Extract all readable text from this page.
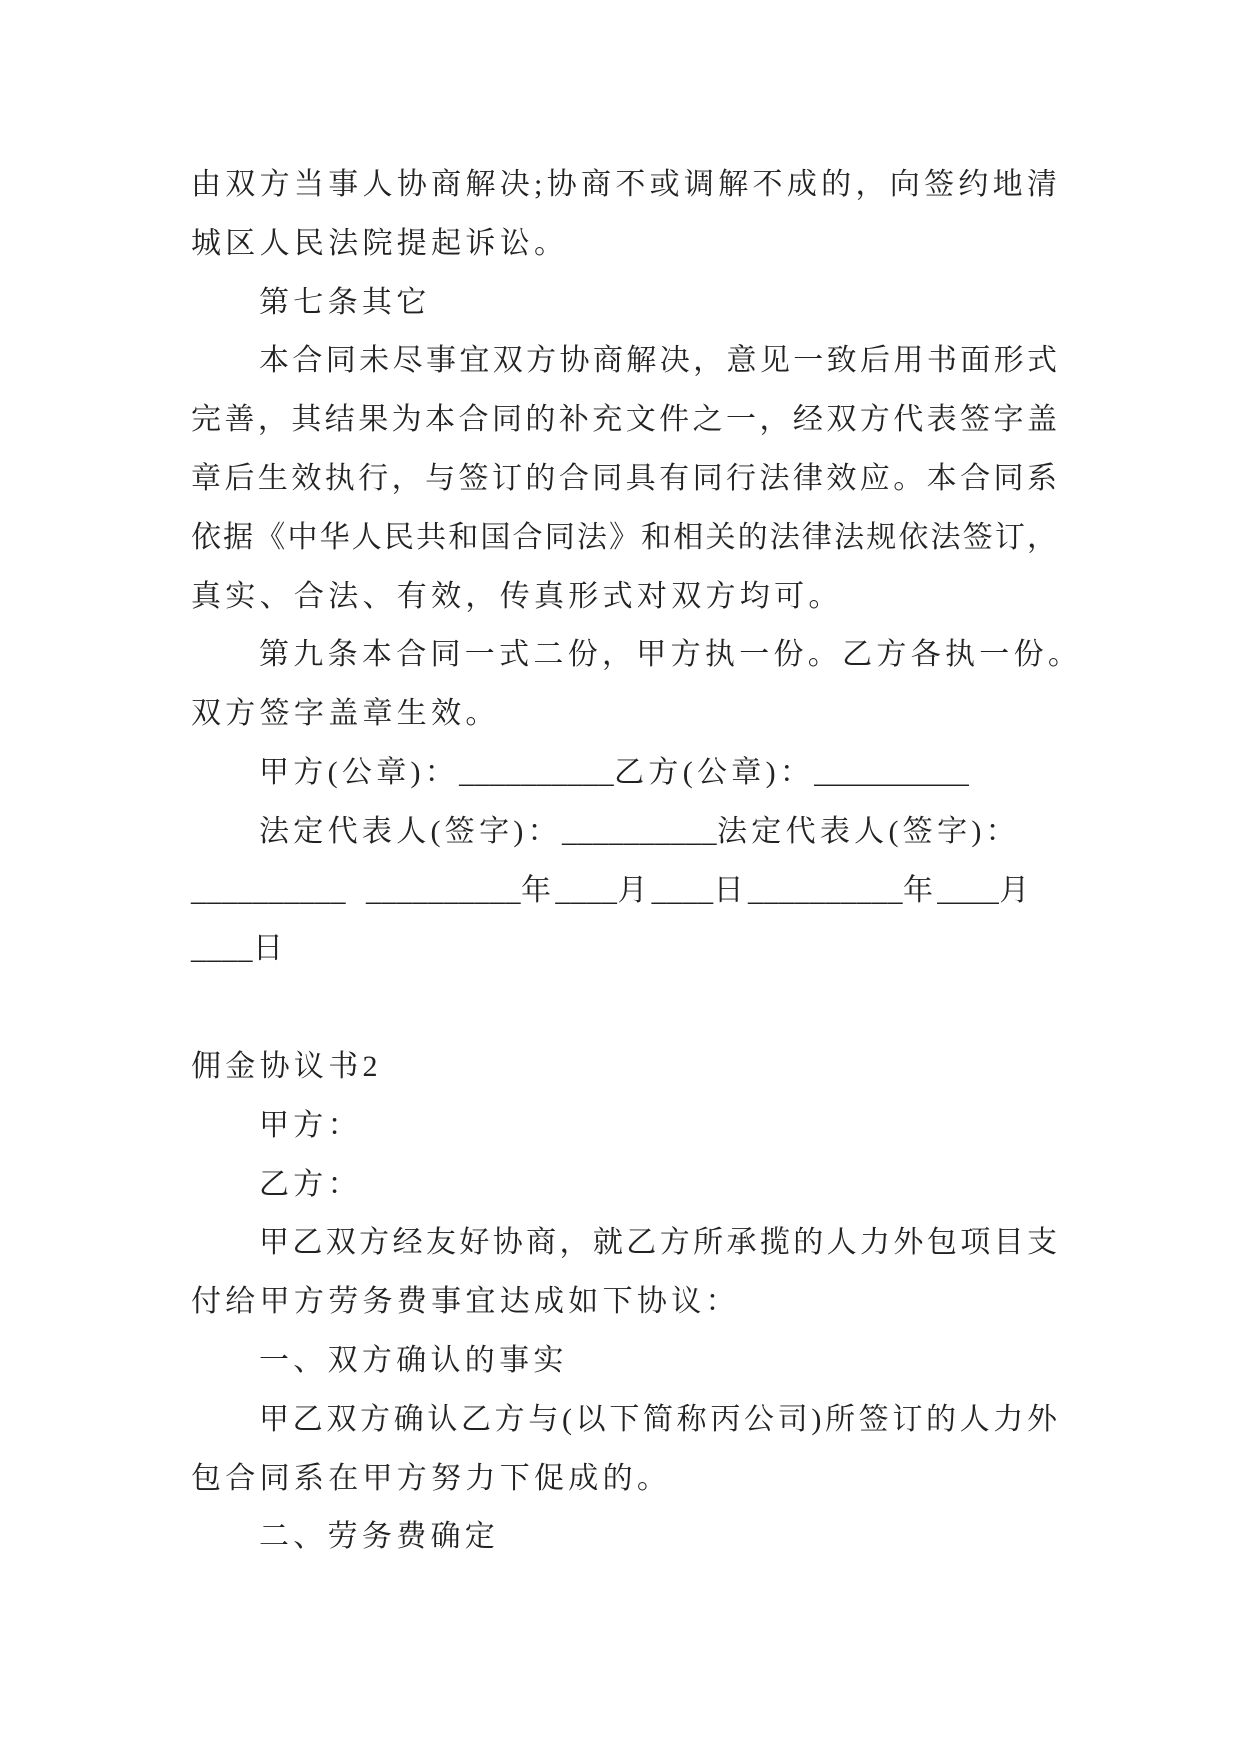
由双方当事人协商解决;协商不或调解不成的，向签约地清
城区人民法院提起诉讼。
第七条其它
本合同未尽事宜双方协商解决，意见一致后用书面形式
完善，其结果为本合同的补充文件之一，经双方代表签字盖
章后生效执行，与签订的合同具有同行法律效应。本合同系
依据《中华人民共和国合同法》和相关的法律法规依法签订，
真实、合法、有效，传真形式对双方均可。
第九条本合同一式二份，甲方执一份。乙方各执一份。
双方签字盖章生效。
甲方(公章)：__________乙方(公章)：__________
法定代表人(签字)：__________法定代表人(签字)：
__________ __________年____月____日__________年____月
____日
佣金协议书2
甲方：
乙方：
甲乙双方经友好协商，就乙方所承揽的人力外包项目支
付给甲方劳务费事宜达成如下协议：
一、双方确认的事实
甲乙双方确认乙方与(以下简称丙公司)所签订的人力外
包合同系在甲方努力下促成的。
二、劳务费确定
